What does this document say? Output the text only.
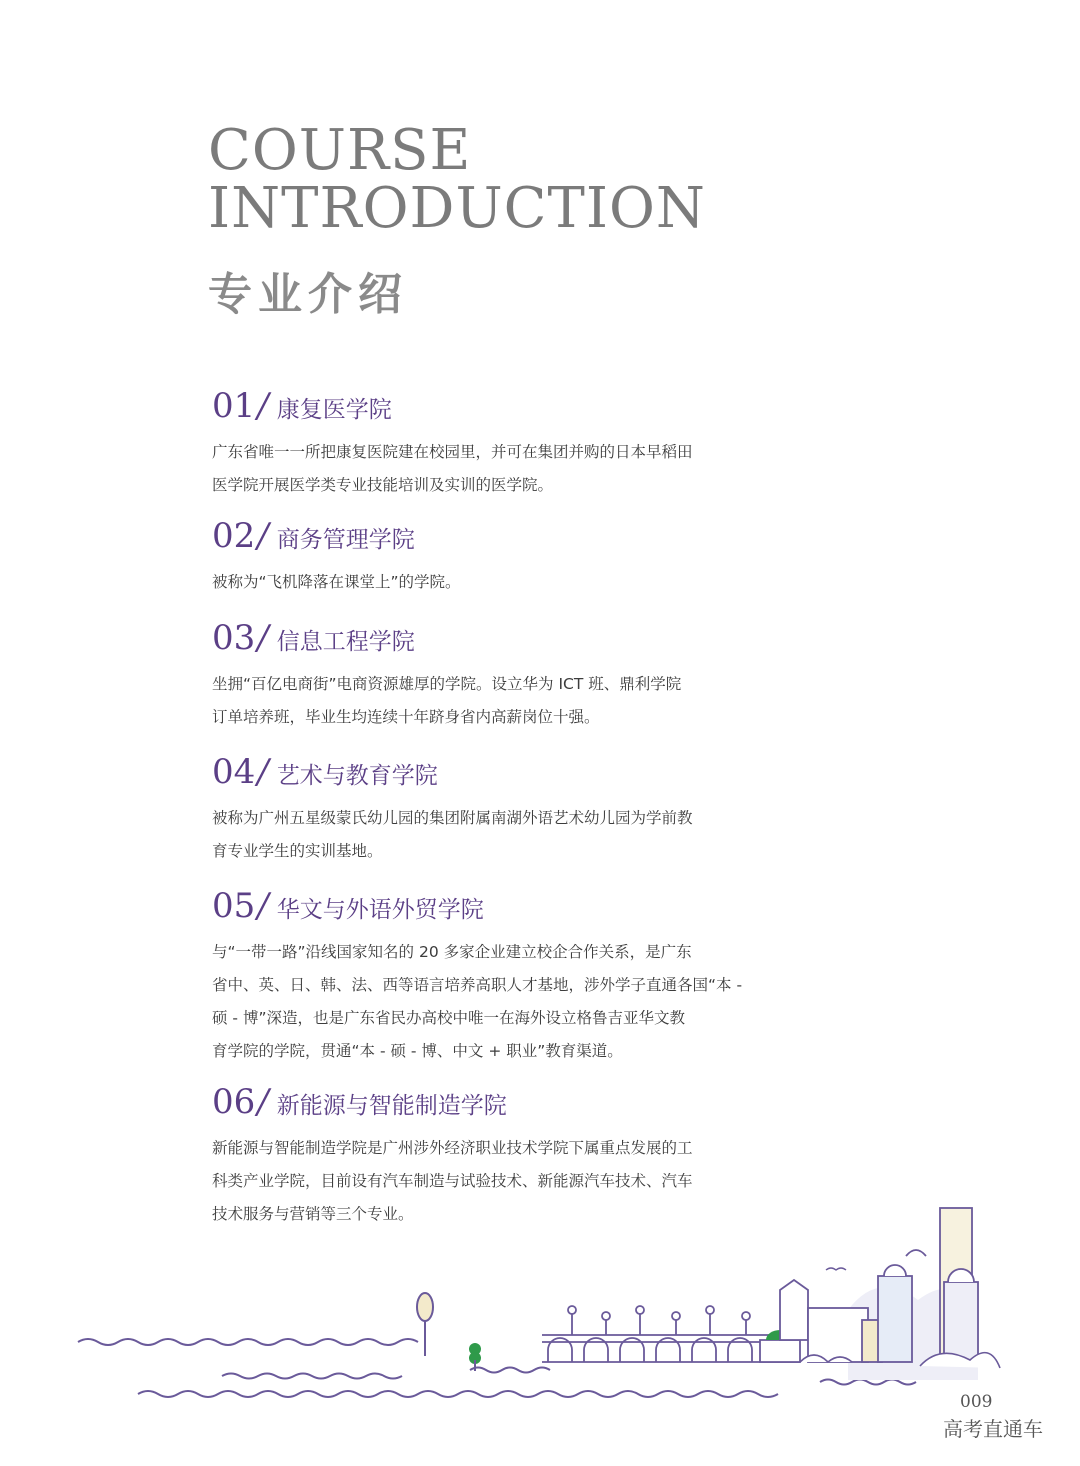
COURSE
INTRODUCTION
专业介绍
01 / 康复医学院
广东省唯一一所把康复医院建在校园里，并可在集团并购的日本早稻田
医学院开展医学类专业技能培训及实训的医学院。
02 / 商务管理学院
被称为“飞机降落在课堂上”的学院。
03 / 信息工程学院
坐拥“百亿电商街”电商资源雄厚的学院。设立华为 ICT 班、鼎利学院
订单培养班，毕业生均连续十年跻身省内高薪岗位十强。
04 / 艺术与教育学院
被称为广州五星级蒙氏幼儿园的集团附属南湖外语艺术幼儿园为学前教
育专业学生的实训基地。
05 / 华文与外语外贸学院
与“一带一路”沿线国家知名的 20 多家企业建立校企合作关系，是广东
省中、英、日、韩、法、西等语言培养高职人才基地，涉外学子直通各国“本 -
硕 - 博”深造，也是广东省民办高校中唯一在海外设立格鲁吉亚华文教
育学院的学院，贯通“本 - 硕 - 博、中文 + 职业”教育渠道。
06 / 新能源与智能制造学院
新能源与智能制造学院是广州涉外经济职业技术学院下属重点发展的工
科类产业学院，目前设有汽车制造与试验技术、新能源汽车技术、汽车
技术服务与营销等三个专业。
009
高考直通车
